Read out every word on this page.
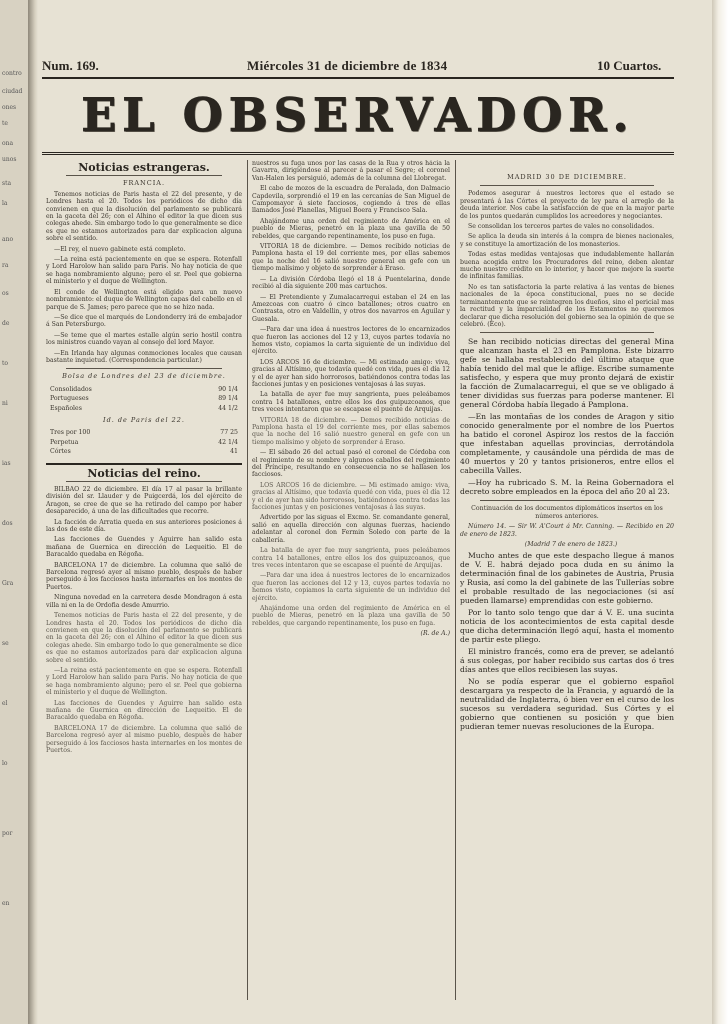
contro
ciudad
ones
te
ona
unos
sta
la
ano
ra
os
de
to
ni
ias
dos
Gra
se
el
lo
por
en
Num. 169.	Miércoles 31 de diciembre de 1834	10 Cuartos.
EL OBSERVADOR.
Noticias estrangeras.
FRANCIA.

Tenemos noticias de Paris hasta el 22 del presente, y de Londres hasta el 20. Todos los periódicos de dicho día convienen en que la disolución del parlamento se publicará en la gaceta del 26; con el Alhino el editor la que dicen sus colegas ahede. Sin embargo todo lo que generalmente se dice es que no estamos autorizados para dar explicacion alguna sobre el sentido.

—El rey, el nuevo gabinete está completo.

—La reina está pacientemente en que se espera. Rotenfall y Lord Harolow han salido para Paris. No hay noticia de que se haga nombramiento alguno; pero el sr. Peel que gobierna el ministerio y el duque de Wellington.

El conde de Wellington está eligido para un nuevo nombramiento: el duque de Wellington capas del cabello en el parque de S. James; pero parece que no se hizo nada.

—Se dice que el marqués de Londonderry irá de embajador á San Petersburgo.

—Se teme que el martes estalle algún serio hostil contra los ministros cuando vayan al consejo del lord Mayor.

—En Irlanda hay algunas conmociones locales que causan bastante inquietud. (Correspondencia particular.)

Bolsa de Londres del 23 de diciembre.
Consolidados	90 1/4
Portugueses	89 1/4
Españoles	44 1/2
Id. de Paris del 22.
Tres por 100	77 25
Perpetua	42 1/4
Córtes	41
Noticias del reino.

BILBAO 22 de diciembre. El día 17 al pasar la brillante división del sr. Llauder y de Puigcerdá, los del ejército de Aragon, se cree de que se ha retirado del campo por haber desaparecido, á una de las dificultades que recorre.

La facción de Arratia queda en sus anteriores posiciones á las dos de este día.

Las facciones de Guendes y Aguirre han salido esta mañana de Guernica en dirección de Lequeitio. El de Baracaldo quedaba en Régoña.

BARCELONA 17 de diciembre. La columna que salió de Barcelona regresó ayer al mismo pueblo, después de haber perseguido á los facciosos hasta internarles en los montes de Puertos.

Ninguna novedad en la carretera desde Mondragon á esta villa ni en la de Ordofia desde Amurrio.

Tenemos noticias de Paris hasta el 22 del presente, y de Londres hasta el 20. Todos los periódicos de dicho día convienen en que la disolución del parlamento se publicará en la gaceta del 26; con el Alhino el editor la que dicen sus colegas ahede. Sin embargo todo lo que generalmente se dice es que no estamos autorizados para dar explicacion alguna sobre el sentido.

—La reina está pacientemente en que se espera. Rotenfall y Lord Harolow han salido para Paris. No hay noticia de que se haga nombramiento alguno; pero el sr. Peel que gobierna el ministerio y el duque de Wellington.

Las facciones de Guendes y Aguirre han salido esta mañana de Guernica en dirección de Lequeitio. El de Baracaldo quedaba en Régoña.

BARCELONA 17 de diciembre. La columna que salió de Barcelona regresó ayer al mismo pueblo, después de haber perseguido á los facciosos hasta internarles en los montes de Puertos.

nuestros su fuga unos por las casas de la Rua y otros hácia la Gavarra, dirigiéndose al parecer á pasar el Segre; el coronel Van-Halen les persiguió, además de la columna del Llobregat.

El cabo de mozos de la escuadra de Peralada, don Dalmacio Capdevila, sorprendió el 19 en las cercanías de San Miguel de Campomayor á siete facciosos, cogiendo á tres de ellas llamados José Planellas, Miguel Boera y Francisco Sala.

Ahajándome una orden del regimiento de América en el pueblo de Mieras, penetró en la plaza una gavilla de 50 rebeldes, que cargando repentinamente, los puso en fuga.

VITORIA 18 de diciembre. — Demos recibido noticias de Pamplona hasta el 19 del corriente mes, por ellas sabemos que la noche del 16 salió nuestro general en gefe con un tiempo malísimo y objeto de sorprender á Eraso.

— La división Córdoba llegó el 18 á Puentelarina, donde recibió al día siguiente 200 mas cartuchos.

— El Pretendiente y Zumalacarregui estaban el 24 en las Amezcoas con cuatro ó cinco batallones; otros cuatro en Contrasta, otro en Valdellin, y otros dos navarros en Aguilar y Guesala.

—Para dar una idea á nuestros lectores de lo encarnizados que fueron las acciones del 12 y 13, cuyos partes todavía no hemos visto, copiamos la carta siguiente de un individuo del ejército.

LOS ARCOS 16 de diciembre. — Mi estimado amigo: viva, gracias al Altísimo, que todavía quedé con vida, pues el día 12 y el de ayer han sido horrorosos, batiéndonos contra todas las facciones juntas y en posiciones ventajosas á las suyas.

La batalla de ayer fue muy sangrienta, pues peleábamos contra 14 batallones, entre ellos los dos guipuzcoanos, que tres veces intentaron que se escapase el puente de Arquijas.

VITORIA 18 de diciembre. — Demos recibido noticias de Pamplona hasta el 19 del corriente mes, por ellas sabemos que la noche del 16 salió nuestro general en gefe con un tiempo malísimo y objeto de sorprender á Eraso.

— El sábado 26 del actual pasó el coronel de Córdoba con el regimiento de su nombre y algunos caballos del regimiento del Príncipe, resultando en consecuencia no se hallasen los facciosos.

LOS ARCOS 16 de diciembre. — Mi estimado amigo: viva, gracias al Altísimo, que todavía quedé con vida, pues el día 12 y el de ayer han sido horrorosos, batiéndonos contra todas las facciones juntas y en posiciones ventajosas á las suyas.

Advertido por las siguas el Excmo. Sr. comandante general, salió en aquella dirección con algunas fuerzas, haciendo adelantar al coronel don Fermin Soledo con parte de la caballería.

La batalla de ayer fue muy sangrienta, pues peleábamos contra 14 batallones, entre ellos los dos guipuzcoanos, que tres veces intentaron que se escapase el puente de Arquijas.

—Para dar una idea á nuestros lectores de lo encarnizados que fueron las acciones del 12 y 13, cuyos partes todavía no hemos visto, copiamos la carta siguiente de un individuo del ejército.

Ahajándome una orden del regimiento de América en el pueblo de Mieras, penetró en la plaza una gavilla de 50 rebeldes, que cargando repentinamente, los puso en fuga.

(R. de A.)

MADRID 30 DE DICIEMBRE.

Podemos asegurar á nuestros lectores que el estado se presentará á las Córtes el proyecto de ley para el arreglo de la deuda interior. Nos cabe la satisfacción de que en la mayor parte de los puntos quedarán cumplidos los acreedores y negociantes.

Se consolidan los terceros partes de vales no consolidados.

Se aplica la deuda sin interés á la compra de bienes nacionales, y se constituye la amortización de los monasterios.

Todas estas medidas ventajosas que indudablemente hallarán buena acogida entre los Procuradores del reino, deben alentar mucho nuestro crédito en lo interior, y hacer que mejore la suerte de infinitas familias.

No es tan satisfactoria la parte relativa á las ventas de bienes nacionales de la época constitucional, pues no se decide terminantemente que se reintegren los dueños, sino el pericial mas la rectitud y la imparcialidad de los Estamentos no queremos declarar que dicha resolución del gobierno sea la opinión de que se celebró. (Eco).

Se han recibido noticias directas del general Mina que alcanzan hasta el 23 en Pamplona. Este bizarro gefe se hallaba restablecido del último ataque que había tenido del mal que le aflige. Escribe sumamente satisfecho, y espera que muy pronto dejará de existir la facción de Zumalacarregui, el que se ve obligado á tener divididas sus fuerzas para poderse mantener. El general Córdoba había llegado á Pamplona.

—En las montañas de los condes de Aragon y sitio conocido generalmente por el nombre de los Puertos ha batido el coronel Aspiroz los restos de la facción que infestaban aquellas provincias, derrotándola completamente, y causándole una pérdida de mas de 40 muertos y 20 y tantos prisioneros, entre ellos el cabecilla Valles.

—Hoy ha rubricado S. M. la Reina Gobernadora el decreto sobre empleados en la época del año 20 al 23.

Continuación de los documentos diplomáticos insertos en los números anteriores.

Número 14. — Sir W. A'Court á Mr. Canning. — Recibido en 20 de enero de 1823.

(Madrid 7 de enero de 1823.)

Mucho antes de que este despacho llegue á manos de V. E. habrá dejado poca duda en su ánimo la determinación final de los gabinetes de Austria, Prusia y Rusia, así como la del gabinete de las Tullerías sobre el probable resultado de las negociaciones (si así pueden llamarse) emprendidas con este gobierno.

Por lo tanto solo tengo que dar á V. E. una sucinta noticia de los acontecimientos de esta capital desde que dicha determinación llegó aquí, hasta el momento de partir este pliego.

El ministro francés, como era de prever, se adelantó á sus colegas, por haber recibido sus cartas dos ó tres días antes que ellos recibiesen las suyas.

No se podía esperar que el gobierno español descargara ya respecto de la Francia, y aguardó de la neutralidad de Inglaterra, ó bien ver en el curso de los sucesos su verdadera seguridad. Sus Córtes y el gobierno que contienen su posición y que bien pudieran temer nuevas resoluciones de la Europa.
